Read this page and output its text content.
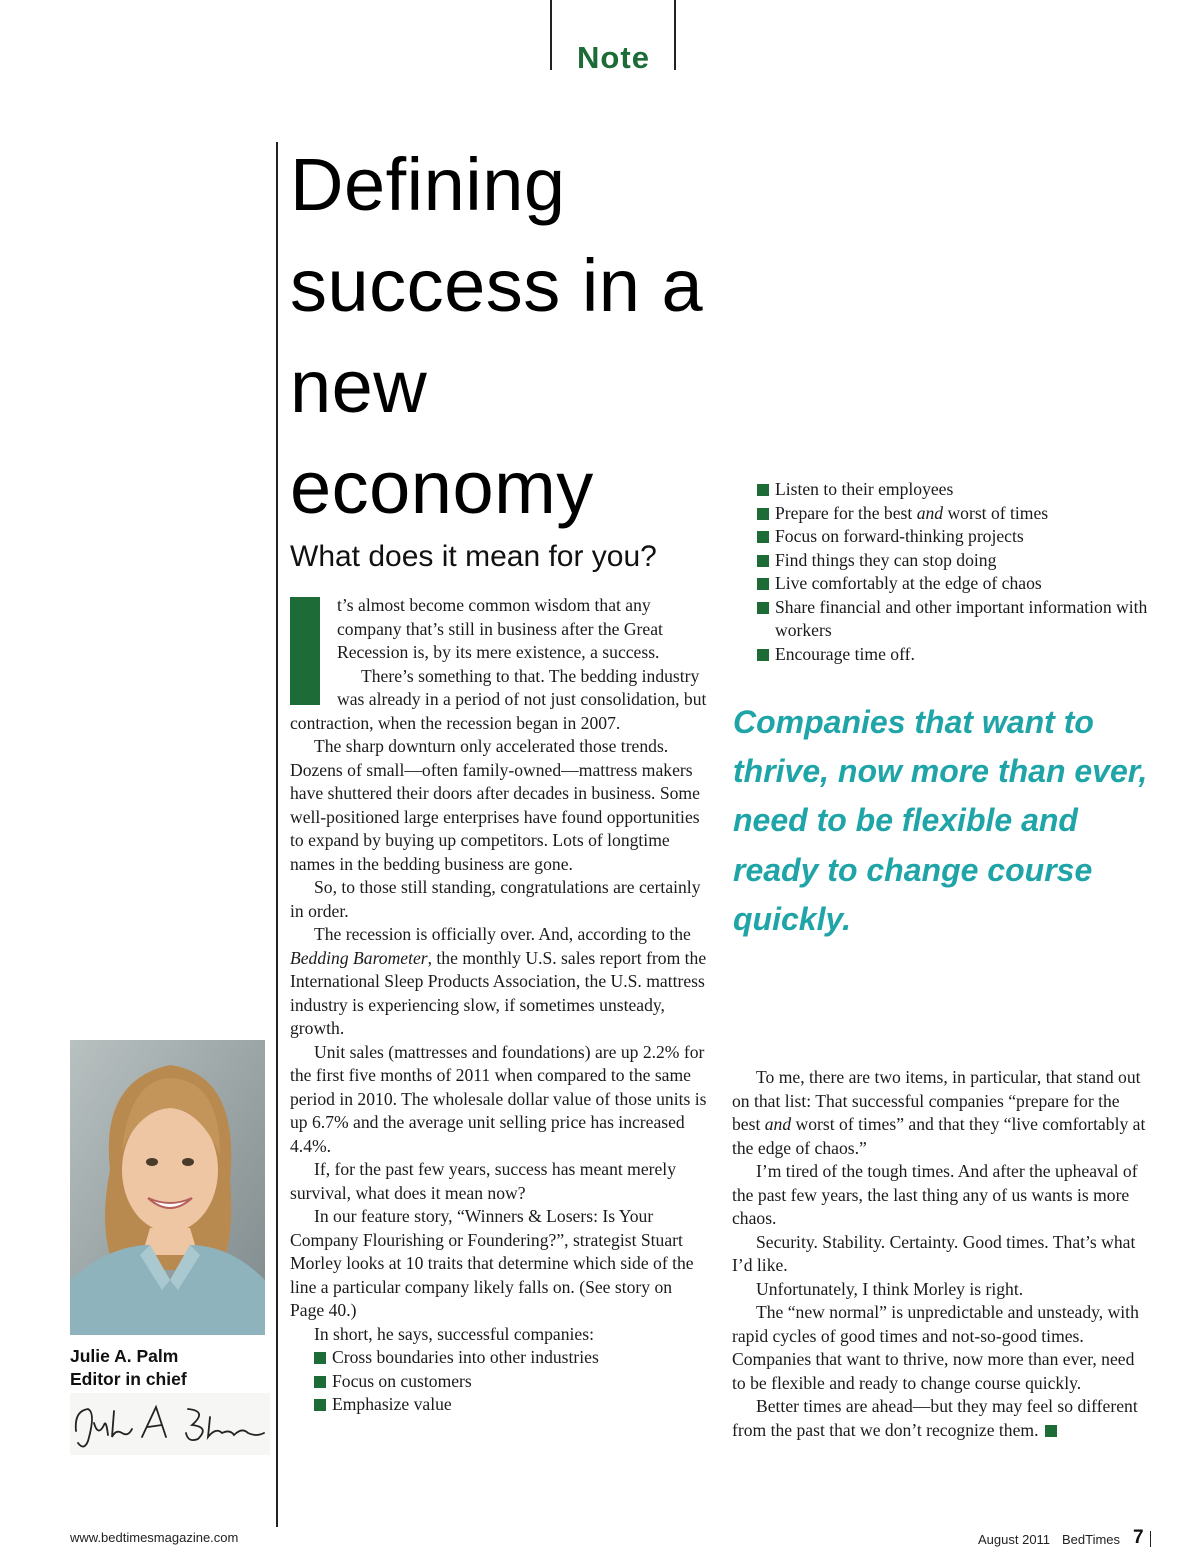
Note
Defining success in a new economy
What does it mean for you?

t’s almost become common wisdom that any company that’s still in business after the Great Recession is, by its mere existence, a success.

There’s something to that. The bedding industry was already in a period of not just consolidation, but contraction, when the recession began in 2007.

The sharp downturn only accelerated those trends. Dozens of small—often family-owned—mattress makers have shuttered their doors after decades in business. Some well-positioned large enterprises have found opportunities to expand by buying up competitors. Lots of longtime names in the bedding business are gone.

So, to those still standing, congratulations are certainly in order.

The recession is officially over. And, according to the Bedding Barometer, the monthly U.S. sales report from the International Sleep Products Association, the U.S. mattress industry is experiencing slow, if sometimes unsteady, growth.

Unit sales (mattresses and foundations) are up 2.2% for the first five months of 2011 when compared to the same period in 2010. The wholesale dollar value of those units is up 6.7% and the average unit selling price has increased 4.4%.

If, for the past few years, success has meant merely survival, what does it mean now?

In our feature story, “Winners & Losers: Is Your Company Flourishing or Foundering?”, strategist Stuart Morley looks at 10 traits that determine which side of the line a particular company likely falls on. (See story on Page 40.)

In short, he says, successful companies:

Cross boundaries into other industries
Focus on customers
Emphasize value
Listen to their employees
Prepare for the best and worst of times
Focus on forward-thinking projects
Find things they can stop doing
Live comfortably at the edge of chaos
Share financial and other important information with workers
Encourage time off.

Companies that want to thrive, now more than ever, need to be flexible and ready to change course quickly.

To me, there are two items, in particular, that stand out on that list: That successful companies “prepare for the best and worst of times” and that they “live comfortably at the edge of chaos.”

I’m tired of the tough times. And after the upheaval of the past few years, the last thing any of us wants is more chaos.

Security. Stability. Certainty. Good times. That’s what I’d like.

Unfortunately, I think Morley is right.

The “new normal” is unpredictable and unsteady, with rapid cycles of good times and not-so-good times. Companies that want to thrive, now more than ever, need to be flexible and ready to change course quickly.

Better times are ahead—but they may feel so different from the past that we don’t recognize them.

Julie A. Palm
Editor in chief
www.bedtimesmagazine.com	August 2011 BedTimes 7
